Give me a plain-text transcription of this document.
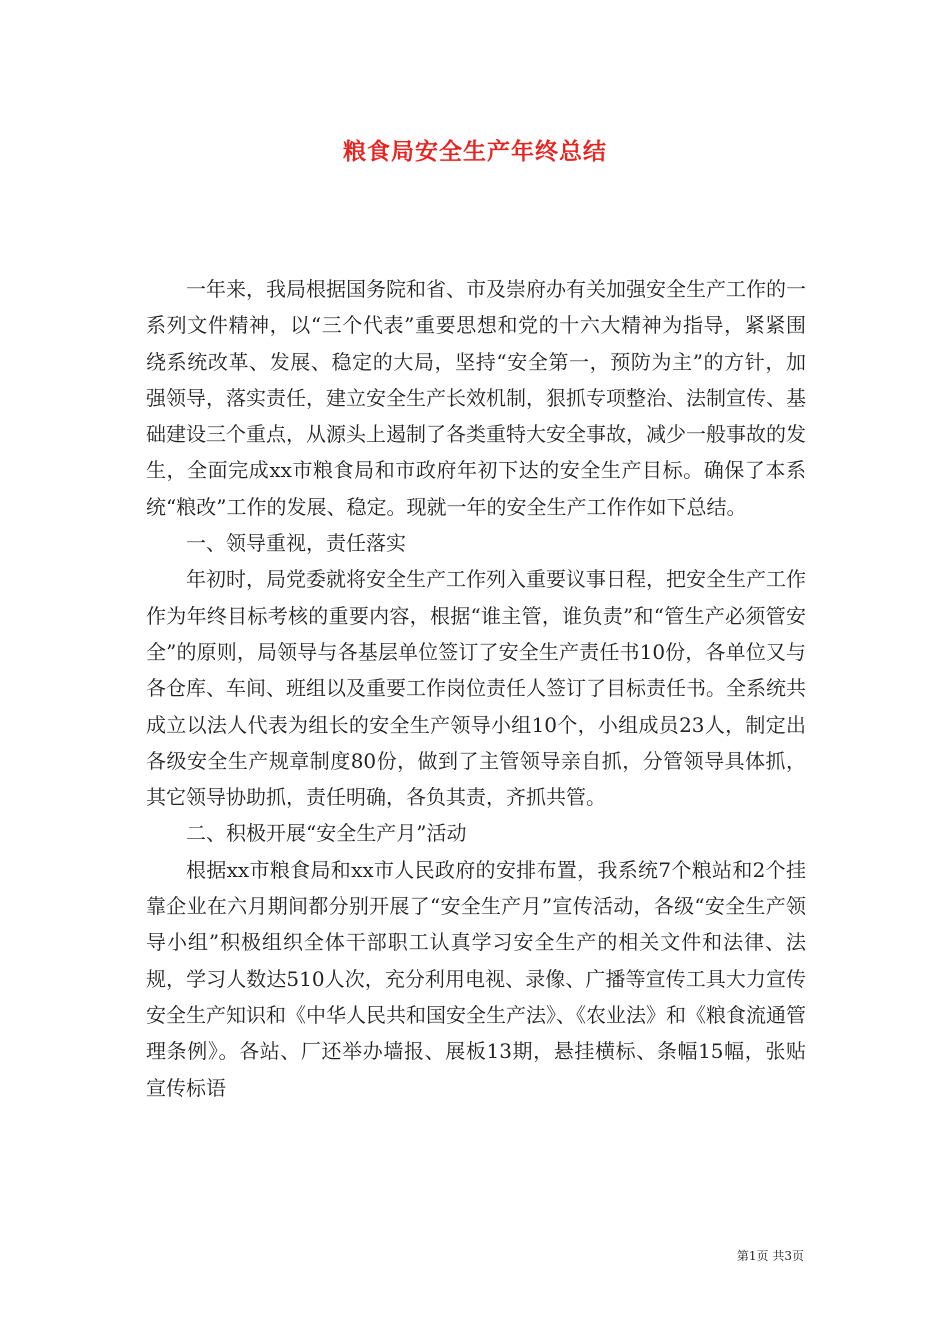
粮食局安全生产年终总结

一年来，我局根据国务院和省、市及崇府办有关加强安全生产工作的一系列文件精神，以“三个代表”重要思想和党的十六大精神为指导，紧紧围绕系统改革、发展、稳定的大局，坚持“安全第一，预防为主”的方针，加强领导，落实责任，建立安全生产长效机制，狠抓专项整治、法制宣传、基础建设三个重点，从源头上遏制了各类重特大安全事故，减少一般事故的发生，全面完成xx市粮食局和市政府年初下达的安全生产目标。确保了本系统“粮改”工作的发展、稳定。现就一年的安全生产工作作如下总结。

一、领导重视，责任落实

年初时，局党委就将安全生产工作列入重要议事日程，把安全生产工作作为年终目标考核的重要内容，根据“谁主管，谁负责”和“管生产必须管安全”的原则，局领导与各基层单位签订了安全生产责任书10份，各单位又与各仓库、车间、班组以及重要工作岗位责任人签订了目标责任书。全系统共成立以法人代表为组长的安全生产领导小组10个，小组成员23人，制定出各级安全生产规章制度80份，做到了主管领导亲自抓，分管领导具体抓，其它领导协助抓，责任明确，各负其责，齐抓共管。

二、积极开展“安全生产月”活动

根据xx市粮食局和xx市人民政府的安排布置，我系统7个粮站和2个挂靠企业在六月期间都分别开展了“安全生产月”宣传活动，各级“安全生产领导小组”积极组织全体干部职工认真学习安全生产的相关文件和法律、法规，学习人数达510人次，充分利用电视、录像、广播等宣传工具大力宣传安全生产知识和《中华人民共和国安全生产法》、《农业法》和《粮食流通管理条例》。各站、厂还举办墙报、展板13期，悬挂横标、条幅15幅，张贴宣传标语

第1页 共3页
